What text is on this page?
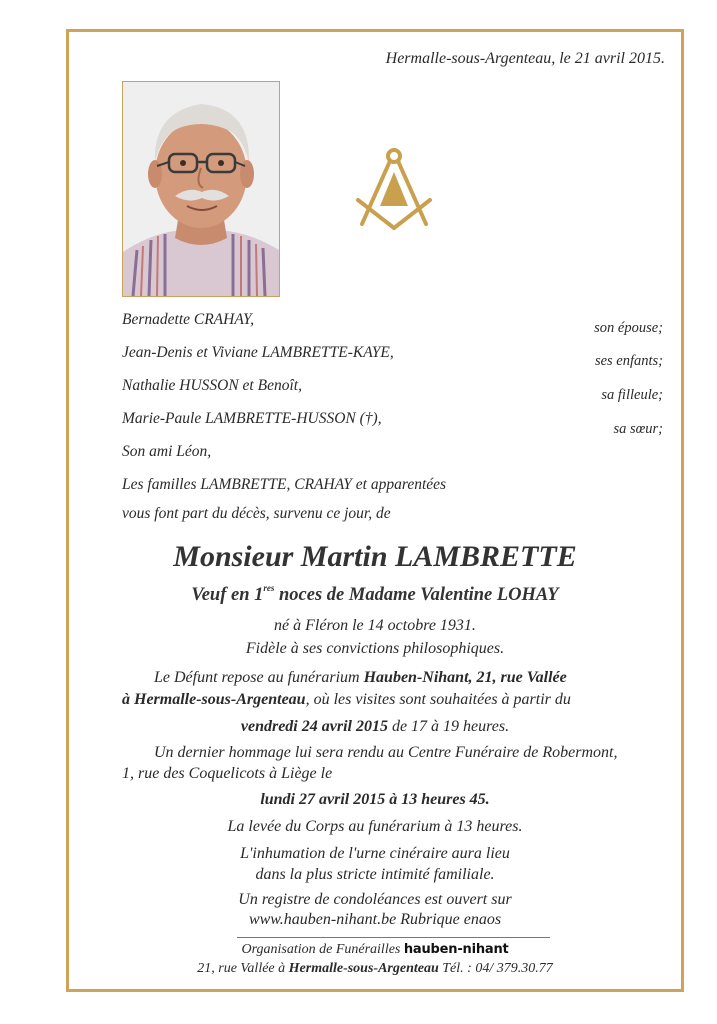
Hermalle-sous-Argenteau, le 21 avril 2015.
Bernadette CRAHAY,
Jean-Denis et Viviane LAMBRETTE-KAYE,
Nathalie HUSSON et Benoît,
Marie-Paule LAMBRETTE-HUSSON (†),
Son ami Léon,
Les familles LAMBRETTE, CRAHAY et apparentées
vous font part du décès, survenu ce jour, de
son épouse;
ses enfants;
sa filleule;
sa sœur;
Monsieur Martin LAMBRETTE
Veuf en 1res noces de Madame Valentine LOHAY
né à Fléron le 14 octobre 1931.
Fidèle à ses convictions philosophiques.
Le Défunt repose au funérarium Hauben-Nihant, 21, rue Vallée
à Hermalle-sous-Argenteau, où les visites sont souhaitées à partir du
vendredi 24 avril 2015 de 17 à 19 heures.
Un dernier hommage lui sera rendu au Centre Funéraire de Robermont,
1, rue des Coquelicots à Liège le
lundi 27 avril 2015 à 13 heures 45.
La levée du Corps au funérarium à 13 heures.
L'inhumation de l'urne cinéraire aura lieu
dans la plus stricte intimité familiale.
Un registre de condoléances est ouvert sur
www.hauben-nihant.be Rubrique enaos
Organisation de Funérailles hauben-nihant
21, rue Vallée à Hermalle-sous-Argenteau Tél. : 04/ 379.30.77
